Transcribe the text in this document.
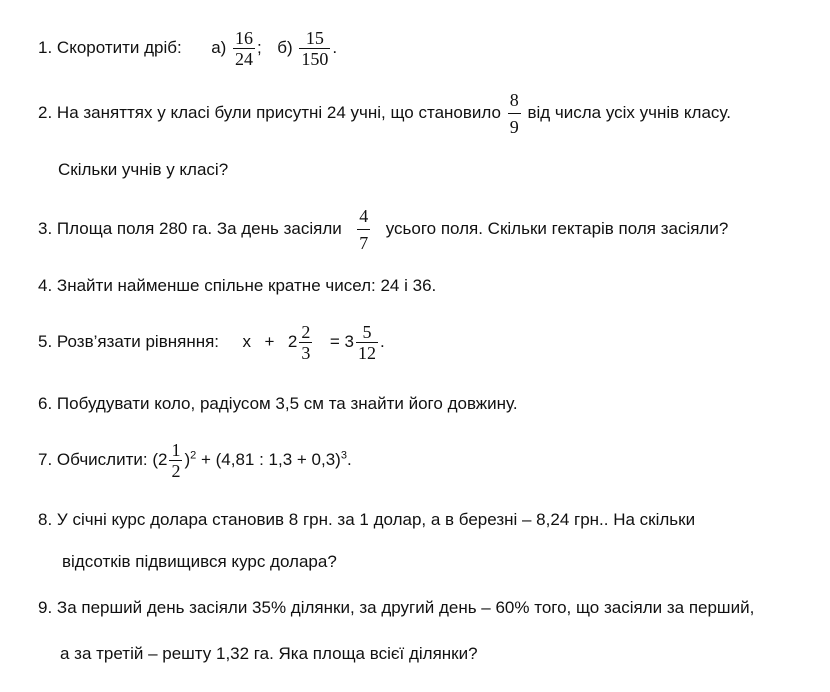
1. Скоротити дріб: $а) \frac{16}{24}$ ; $б) \frac{15}{150}$ .
2. На заняттях у класі були присутні 24 учні, що становило $\frac{8}{9}$ від числа усіх учнів класу.
Скільки учнів у класі?
3. Площа поля 280 га. За день засіяли $\frac{4}{7}$ усього поля. Скільки гектарів поля засіяли?
4. Знайти найменше спільне кратне чисел: 24 і 36.
5. Розв’язати рівняння: $x + 2 \frac{2}{3} = 3 \frac{5}{12}$ .
6. Побудувати коло, радіусом 3,5 см та знайти його довжину.
7. Обчислити: $(2 \frac{1}{2} )^2 + (4,81$ : 1,3 + 0,3)$^3$.
8. У січні курс долара становив 8 грн. за 1 долар, а в березні – 8,24 грн.. На скільки
відсотків підвищився курс долара?
9. За перший день засіяли 35% ділянки, за другий день – 60% того, що засіяли за перший,
а за третій – решту 1,32 га. Яка площа всієї ділянки?
